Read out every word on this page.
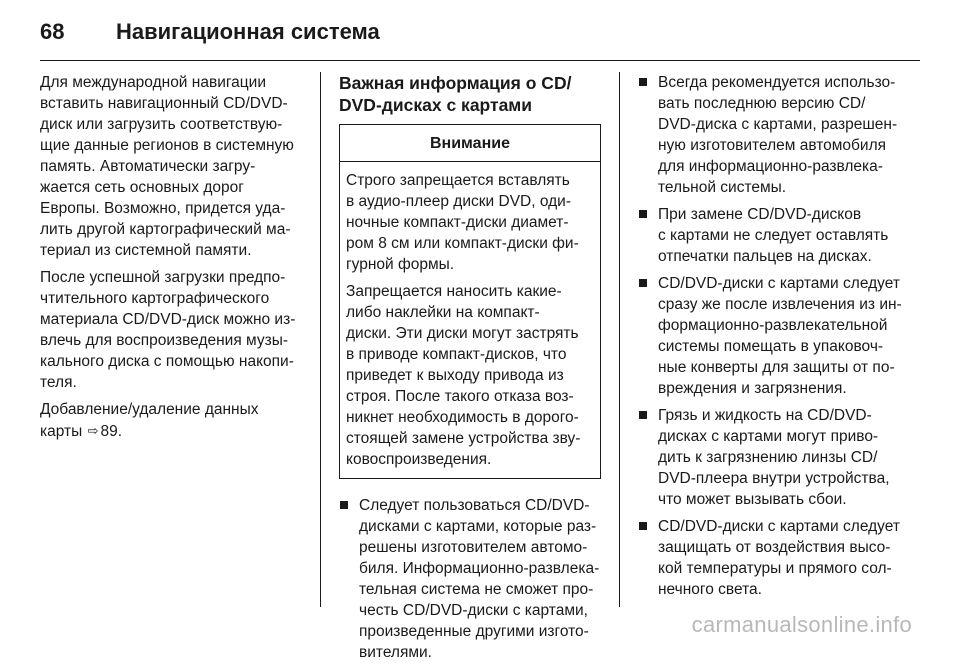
68	Навигационная система

Для международной навигации
вставить навигационный CD/DVD-
диск или загрузить соответствую-
щие данные регионов в системную
память. Автоматически загру-
жается сеть основных дорог
Европы. Возможно, придется уда-
лить другой картографический ма-
териал из системной памяти.

После успешной загрузки предпо-
чтительного картографического
материала CD/DVD-диск можно из-
влечь для воспроизведения музы-
кального диска с помощью накопи-
теля.

Добавление/удаление данных
карты ⇨ 89.

Важная информация о CD/
DVD-дисках с картами
Внимание

Строго запрещается вставлять
в аудио-плеер диски DVD, оди-
ночные компакт-диски диамет-
ром 8 см или компакт-диски фи-
гурной формы.

Запрещается наносить какие-
либо наклейки на компакт-
диски. Эти диски могут застрять
в приводе компакт-дисков, что
приведет к выходу привода из
строя. После такого отказа воз-
никнет необходимость в дорого-
стоящей замене устройства зву-
ковоспроизведения.

Следует пользоваться CD/DVD-
дисками с картами, которые раз-
решены изготовителем автомо-
биля. Информационно-развлека-
тельная система не сможет про-
честь CD/DVD-диски с картами,
произведенные другими изгото-
вителями.
Всегда рекомендуется использо-
вать последнюю версию CD/
DVD-диска с картами, разрешен-
ную изготовителем автомобиля
для информационно-развлека-
тельной системы.
При замене CD/DVD-дисков
с картами не следует оставлять
отпечатки пальцев на дисках.
CD/DVD-диски с картами следует
сразу же после извлечения из ин-
формационно-развлекательной
системы помещать в упаковоч-
ные конверты для защиты от по-
вреждения и загрязнения.
Грязь и жидкость на CD/DVD-
дисках с картами могут приво-
дить к загрязнению линзы CD/
DVD-плеера внутри устройства,
что может вызывать сбои.
CD/DVD-диски с картами следует
защищать от воздействия высо-
кой температуры и прямого сол-
нечного света.
carmanualsonline.info
